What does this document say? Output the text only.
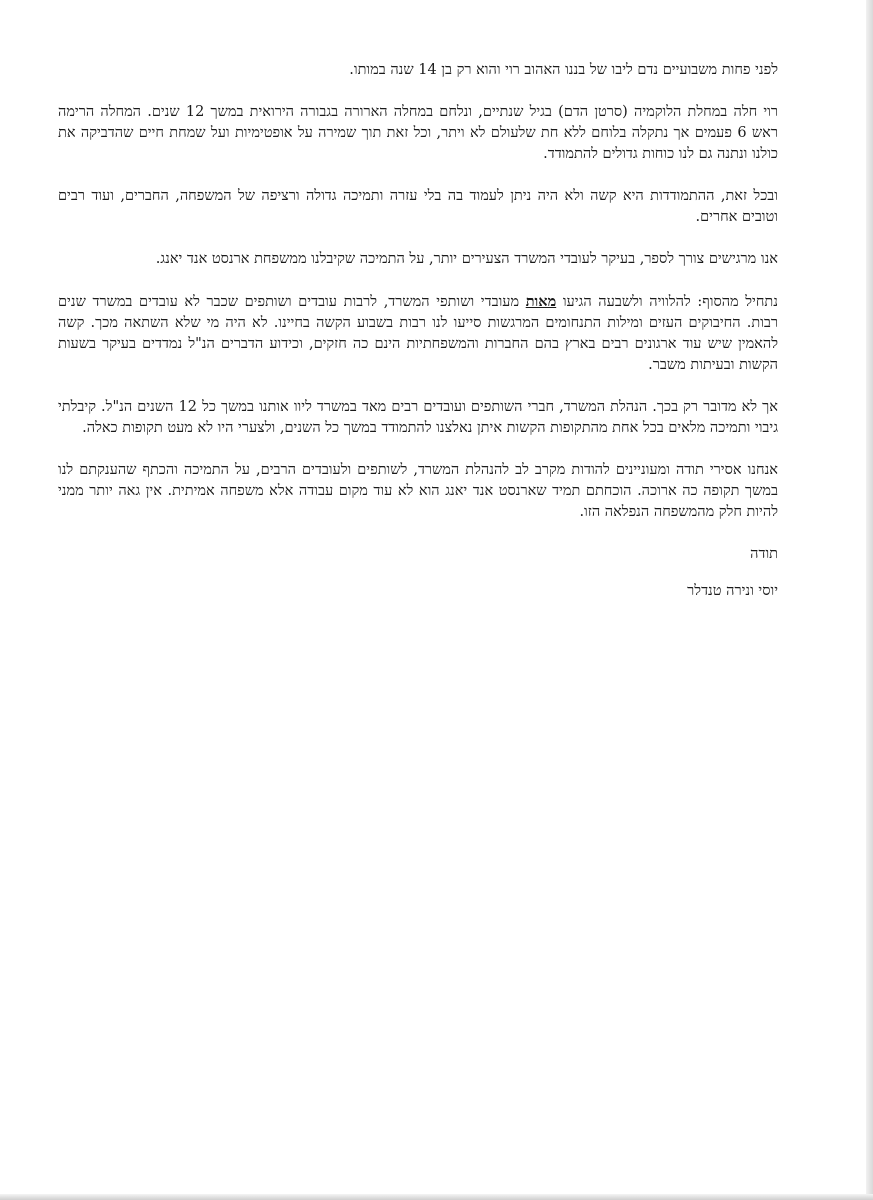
לפני פחות משבועיים נדם ליבו של בננו האהוב רוי והוא רק בן 14 שנה במותו.

רוי חלה במחלת הלוקמיה (סרטן הדם) בגיל שנתיים, ונלחם במחלה הארורה בגבורה הירואית במשך 12 שנים. המחלה הרימה ראש 6 פעמים אך נתקלה בלוחם ללא חת שלעולם לא ויתר, וכל זאת תוך שמירה על אופטימיות ועל שמחת חיים שהדביקה את כולנו ונתנה גם לנו כוחות גדולים להתמודד.

ובכל זאת, ההתמודדות היא קשה ולא היה ניתן לעמוד בה בלי עזרה ותמיכה גדולה ורציפה של המשפחה, החברים, ועוד רבים וטובים אחרים.

אנו מרגישים צורך לספר, בעיקר לעובדי המשרד הצעירים יותר, על התמיכה שקיבלנו ממשפחת ארנסט אנד יאנג.

נתחיל מהסוף: להלוויה ולשבעה הגיעו מאות מעובדי ושותפי המשרד, לרבות עובדים ושותפים שכבר לא עובדים במשרד שנים רבות. החיבוקים העזים ומילות התנחומים המרגשות סייעו לנו רבות בשבוע הקשה בחיינו. לא היה מי שלא השתאה מכך. קשה להאמין שיש עוד ארגונים רבים בארץ בהם החברות והמשפחתיות הינם כה חזקים, וכידוע הדברים הנ"ל נמדדים בעיקר בשעות הקשות ובעיתות משבר.

אך לא מדובר רק בכך. הנהלת המשרד, חברי השותפים ועובדים רבים מאד במשרד ליוו אותנו במשך כל 12 השנים הנ"ל. קיבלתי גיבוי ותמיכה מלאים בכל אחת מהתקופות הקשות איתן נאלצנו להתמודד במשך כל השנים, ולצערי היו לא מעט תקופות כאלה.

אנחנו אסירי תודה ומעוניינים להודות מקרב לב להנהלת המשרד, לשותפים ולעובדים הרבים, על התמיכה והכתף שהענקתם לנו במשך תקופה כה ארוכה. הוכחתם תמיד שארנסט אנד יאנג הוא לא עוד מקום עבודה אלא משפחה אמיתית. אין גאה יותר ממני להיות חלק מהמשפחה הנפלאה הזו.

תודה

יוסי ונירה טנדלר
